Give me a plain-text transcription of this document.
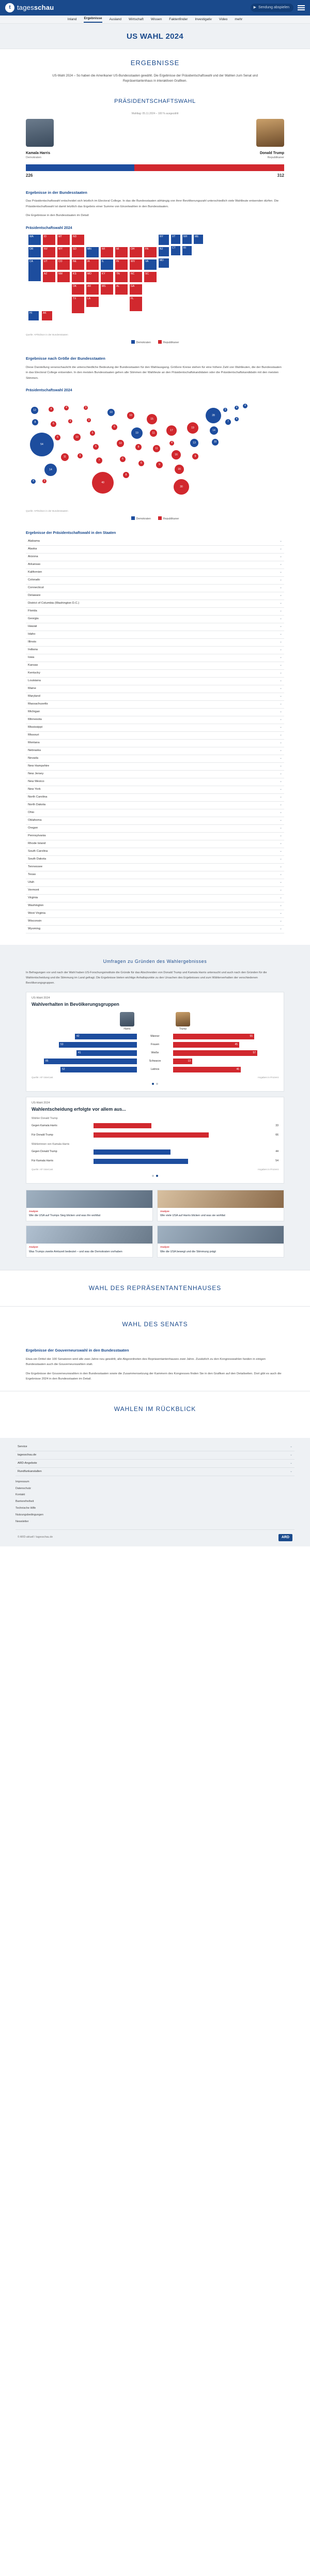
t tagesschau	▶ Sendung abspielen
Inland Ergebnisse Ausland Wirtschaft Wissen Faktenfinder Investigativ Video mehr
US WAHL 2024
ERGEBNISSE
US-Wahl 2024 – So haben die Amerikaner US-Bundesstaaten gewählt. Die Ergebnisse der Präsidentschaftswahl und der Wahlen zum Senat und Repräsentantenhaus in interaktiven Grafiken.
PRÄSIDENTSCHAFTSWAHL
Wahltag: 05.11.2024 – 100 % ausgezählt
Kamala Harris
Demokraten
Donald Trump
Republikaner
226	312
Ergebnisse in der Bundesstaaten

Das Präsidentschaftswahl entscheidet sich letztlich im Electoral College. In das die Bundesstaaten abhängig von ihrer Bevölkerungszahl unterschiedlich viele Wahlleute entsenden dürfen. Die Präsidentschaftswahl ist damit letztlich das Ergebnis einer Summe von Einzelwahlen in den Bundesstaaten.

Die Ergebnisse in den Bundesstaaten im Detail:

Präsidentschaftswahl 2024
WA
OR
CA
ID
NV
UT
AZ
MT
WY
CO
NM
ND
SD
NE
KS
OK
TX
MN
IA
MO
AR
LA
WI
IL
KY
MS
MI
IN
TN
AL
OH
WV
NC
GA
FL
PA
VA
SC
NY
NJ
MD
VT
CT
NH
RI
ME
HI	AK
Quelle: AP/Edison in der Bundesstaaten
Demokraten	Republikaner
Ergebnisse nach Größe der Bundesstaaten

Diese Darstellung veranschaulicht die unterschiedliche Bedeutung der Bundesstaaten für den Wahlausgang. Größere Kreise stehen für eine höhere Zahl von Wahlleuten, die der Bundesstaaten in das Electoral College entsenden. In den meisten Bundesstaaten gehen alle Stimmen der Wahlleute an den Präsidentschaftskandidaten oder die Präsidentschaftskandidatin mit den meisten Stimmen.

Präsidentschaftswahl 2024
12
8
54
4
6
6
11
4
3
10
5
3
3
5
6
7
40
10
6
10
6
8
10
19
8
6
15
11
11
9
17
4
16
16
30
19
13
9
28
14
10
3
7
4
4
4
4	3
14
Quelle: AP/Edison in der Bundesstaaten
Demokraten	Republikaner
Ergebnisse der Präsidentschaftswahl in den Staaten
Alabama	⌄
Alaska	⌄
Arizona	⌄
Arkansas	⌄
Kalifornien	⌄
Colorado	⌄
Connecticut	⌄
Delaware	⌄
District of Columbia (Washington D.C.)	⌄
Florida	⌄
Georgia	⌄
Hawaii	⌄
Idaho	⌄
Illinois	⌄
Indiana	⌄
Iowa	⌄
Kansas	⌄
Kentucky	⌄
Louisiana	⌄
Maine	⌄
Maryland	⌄
Massachusetts	⌄
Michigan	⌄
Minnesota	⌄
Mississippi	⌄
Missouri	⌄
Montana	⌄
Nebraska	⌄
Nevada	⌄
New Hampshire	⌄
New Jersey	⌄
New Mexico	⌄
New York	⌄
North Carolina	⌄
North Dakota	⌄
Ohio	⌄
Oklahoma	⌄
Oregon	⌄
Pennsylvania	⌄
Rhode Island	⌄
South Carolina	⌄
South Dakota	⌄
Tennessee	⌄
Texas	⌄
Utah	⌄
Vermont	⌄
Virginia	⌄
Washington	⌄
West Virginia	⌄
Wisconsin	⌄
Wyoming	⌄
Umfragen zu Gründen des Wahlergebnisses
In Befragungen vor und nach der Wahl haben US-Forschungsinstitute die Gründe für das Abschneiden von Donald Trump und Kamala Harris untersucht und auch nach den Gründen für die Wahlentscheidung und die Stimmung im Land gefragt. Die Ergebnisse bieten wichtige Anhaltspunkte zu den Ursachen des Ergebnisses und zum Wählerverhalten der verschiedenen Bevölkerungsgruppen.
US-Wahl 2024
Wahlverhalten in Bevölkerungsgruppen
Harris	Trump
42	Männer	55
53	Frauen	45
41	Weiße	57
85	Schwarze	13
52	Latinos	46
Quelle: AP VoteCast	Angaben in Prozent
US-Wahl 2024
Wahlentscheidung erfolgte vor allem aus...
Wähler Donald Trump
Gegen Kamala Harris	33
Für Donald Trump	66
Wählerinnen von Kamala Harris
Gegen Donald Trump	44
Für Kamala Harris	54
Quelle: AP VoteCast	Angaben in Prozent
Analyse
Wie die USA auf Trumps Sieg blicken und was ihn wohltat
Analyse
Wie viele USA auf Harris blicken und was sie wohltat
Analyse
Was Trumps zweite Amtszeit bedeutet – und was die Demokraten vorhaben
Analyse
Wie die USA bewegt und die Stimmung prägt
WAHL DES REPRÄSENTANTENHAUSES
WAHL DES SENATS
Ergebnisse der Gouverneurswahl in den Bundesstaaten

Etwa ein Drittel der 100 Senatoren wird alle zwei Jahre neu gewählt, alle Abgeordneten des Repräsentantenhauses zwei Jahre. Zusätzlich zu den Kongresswahlen fanden in einigen Bundesstaaten auch die Gouverneurswahlen statt.

Die Ergebnisse der Gouverneurswahlen in den Bundesstaaten sowie die Zusammensetzung der Kammern des Kongresses finden Sie in den Grafiken auf den Detailseiten. Dort gibt es auch die Ergebnisse 2024 in den Bundesstaaten im Detail.

WAHLEN IM RÜCKBLICK
Service	⌄
tagesschau.de	⌄
ARD-Angebote	⌄
Rundfunkanstalten	⌄
Impressum
Datenschutz
Kontakt
Barrierefreiheit
Technische Hilfe
Nutzungsbedingungen
Newsletter
© ARD-aktuell / tagesschau.de	ARD
